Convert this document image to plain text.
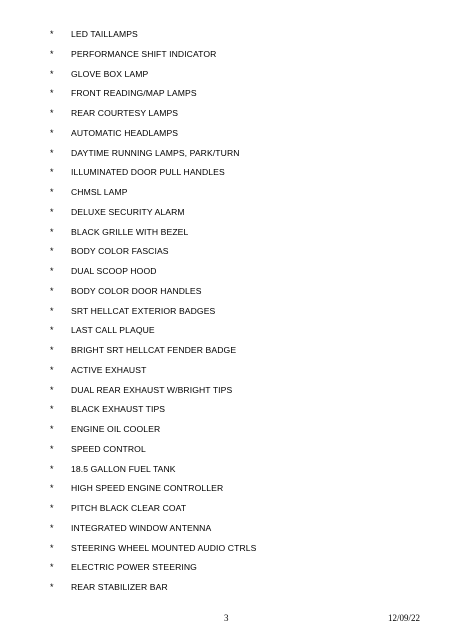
* LED TAILLAMPS
* PERFORMANCE SHIFT INDICATOR
* GLOVE BOX LAMP
* FRONT READING/MAP LAMPS
* REAR COURTESY LAMPS
* AUTOMATIC HEADLAMPS
* DAYTIME RUNNING LAMPS, PARK/TURN
* ILLUMINATED DOOR PULL HANDLES
* CHMSL LAMP
* DELUXE SECURITY ALARM
* BLACK GRILLE WITH BEZEL
* BODY COLOR FASCIAS
* DUAL SCOOP HOOD
* BODY COLOR DOOR HANDLES
* SRT HELLCAT EXTERIOR BADGES
* LAST CALL PLAQUE
* BRIGHT SRT HELLCAT FENDER BADGE
* ACTIVE EXHAUST
* DUAL REAR EXHAUST W/BRIGHT TIPS
* BLACK EXHAUST TIPS
* ENGINE OIL COOLER
* SPEED CONTROL
* 18.5 GALLON FUEL TANK
* HIGH SPEED ENGINE CONTROLLER
* PITCH BLACK CLEAR COAT
* INTEGRATED WINDOW ANTENNA
* STEERING WHEEL MOUNTED AUDIO CTRLS
* ELECTRIC POWER STEERING
* REAR STABILIZER BAR
3	12/09/22
